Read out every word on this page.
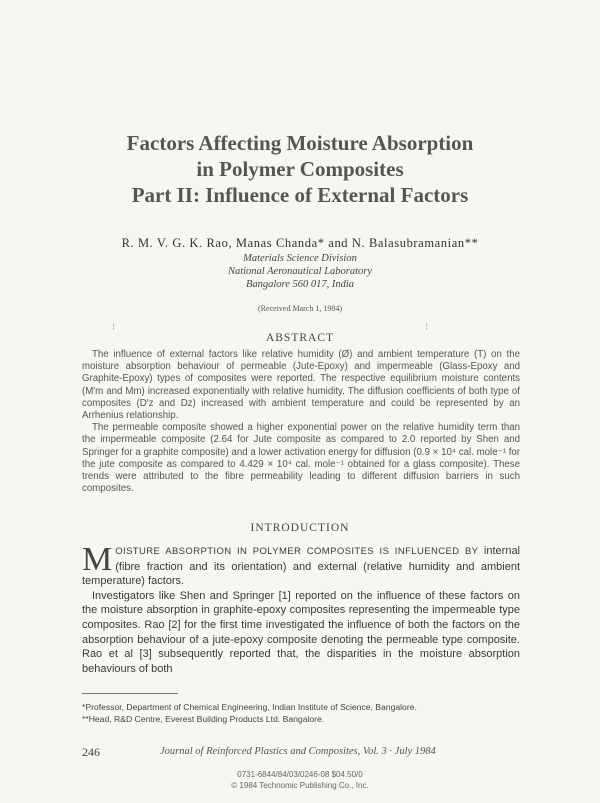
Factors Affecting Moisture Absorption
in Polymer Composites
Part II: Influence of External Factors
R. M. V. G. K. Rao, Manas Chanda* and N. Balasubramanian**
Materials Science Division
National Aeronautical Laboratory
Bangalore 560 017, India
(Received March 1, 1984)
⁝	⁝
ABSTRACT

The influence of external factors like relative humidity (Ø) and ambient temperature (T) on the moisture absorption behaviour of permeable (Jute-Epoxy) and impermeable (Glass-Epoxy and Graphite-Epoxy) types of composites were reported. The respective equilibrium moisture contents (M′m and Mm) increased exponentially with relative humidity. The diffusion coefficients of both type of composites (D′z and Dz) increased with ambient temperature and could be represented by an Arrhenius relationship.

The permeable composite showed a higher exponential power on the relative humidity term than the impermeable composite (2.64 for Jute composite as compared to 2.0 reported by Shen and Springer for a graphite composite) and a lower activation energy for diffusion (0.9 × 10⁴ cal. mole⁻¹ for the jute composite as compared to 4.429 × 10⁴ cal. mole⁻¹ obtained for a glass composite). These trends were attributed to the fibre permeability leading to different diffusion barriers in such composites.

INTRODUCTION

M OISTURE ABSORPTION IN POLYMER COMPOSITES IS INFLUENCED BY internal (fibre fraction and its orientation) and external (relative humidity and ambient temperature) factors.

Investigators like Shen and Springer [1] reported on the influence of these factors on the moisture absorption in graphite-epoxy composites representing the impermeable type composites. Rao [2] for the first time investigated the influence of both the factors on the absorption behaviour of a jute-epoxy composite denoting the permeable type composite. Rao et al [3] subsequently reported that, the disparities in the moisture absorption behaviours of both

*Professor, Department of Chemical Engineering, Indian Institute of Science, Bangalore.
**Head, R&D Centre, Everest Building Products Ltd. Bangalore.
246	Journal of Reinforced Plastics and Composites, Vol. 3 · July 1984
0731-6844/84/03/0246-08 $04.50/0
© 1984 Technomic Publishing Co., Inc.
